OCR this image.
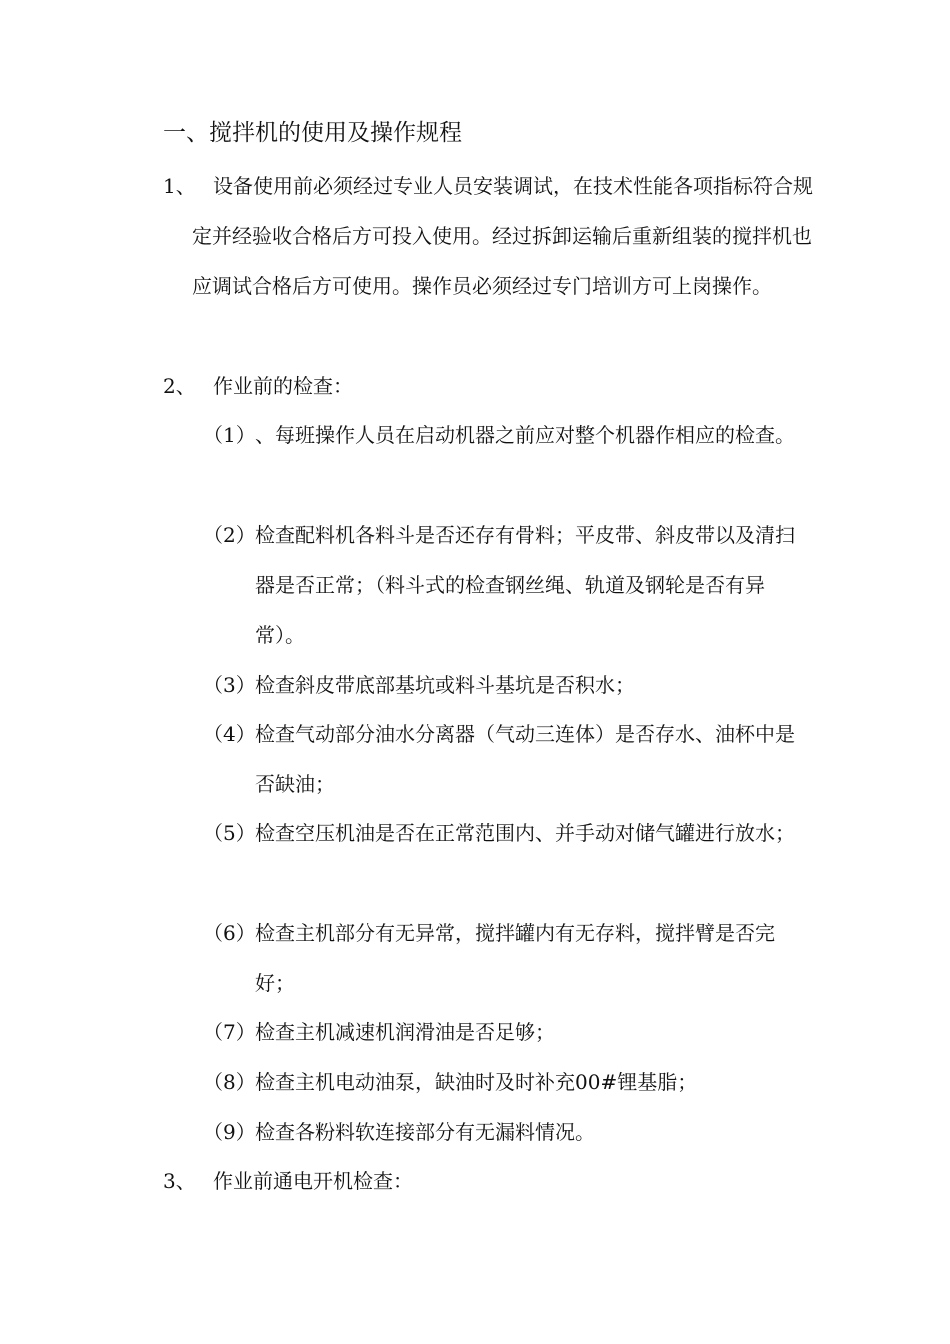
一、搅拌机的使用及操作规程
1、 设备使用前必须经过专业人员安装调试，在技术性能各项指标符合规定并经验收合格后方可投入使用。经过拆卸运输后重新组装的搅拌机也应调试合格后方可使用。操作员必须经过专门培训方可上岗操作。
2、 作业前的检查：
（1）、每班操作人员在启动机器之前应对整个机器作相应的检查。
（2）检查配料机各料斗是否还存有骨料；平皮带、斜皮带以及清扫器是否正常；（料斗式的检查钢丝绳、轨道及钢轮是否有异常）。
（3）检查斜皮带底部基坑或料斗基坑是否积水；
（4）检查气动部分油水分离器（气动三连体）是否存水、油杯中是否缺油；
（5）检查空压机油是否在正常范围内、并手动对储气罐进行放水；
（6）检查主机部分有无异常，搅拌罐内有无存料，搅拌臂是否完好；
（7）检查主机减速机润滑油是否足够；
（8）检查主机电动油泵，缺油时及时补充00#锂基脂；
（9）检查各粉料软连接部分有无漏料情况。
3、 作业前通电开机检查：
